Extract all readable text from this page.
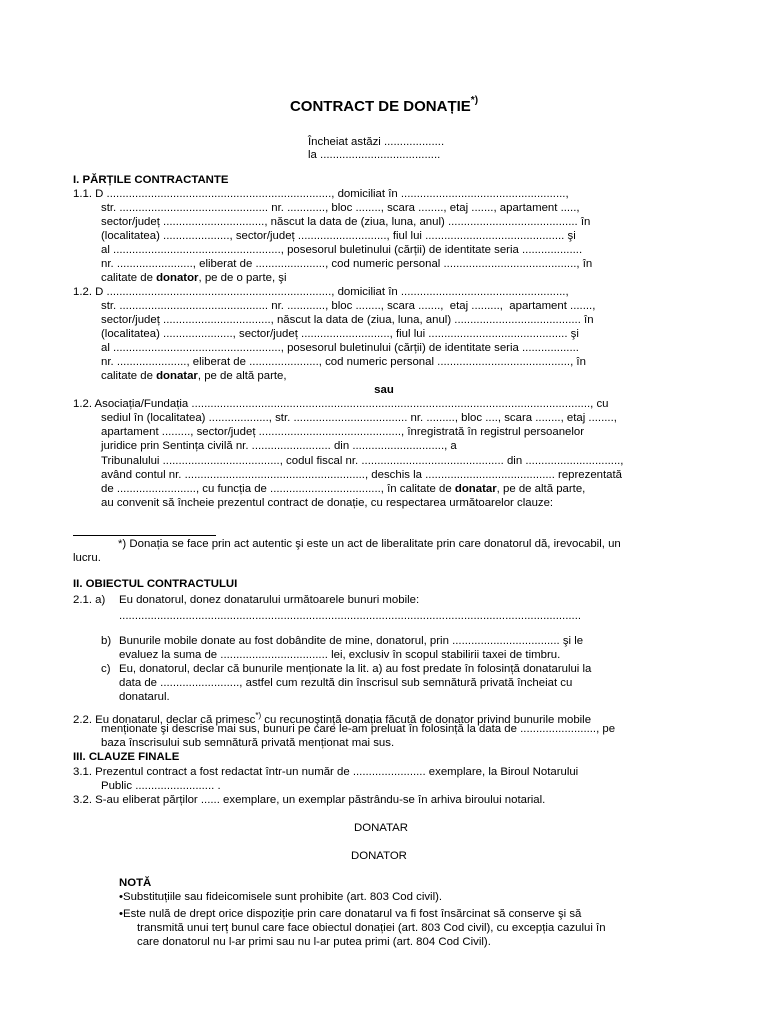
CONTRACT DE DONAȚIE*)
Încheiat astăzi ...................
la ......................................
I. PĂRȚILE CONTRACTANTE
1.1. D ......................................................................., domiciliat în ....................................................,
str. ............................................... nr. ............, bloc ........, scara ........, etaj ......., apartament .....,
sector/județ ................................, născut la data de (ziua, luna, anul) ......................................... în
(localitatea) ....................., sector/județ ............................, fiul lui ............................................ şi
al ....................................................., posesorul buletinului (cărții) de identitate seria ...................
nr. ........................, eliberat de ......................, cod numeric personal .........................................., în
calitate de donator, pe de o parte, şi
1.2. D ......................................................................., domiciliat în ....................................................,
str. ............................................... nr. ............, bloc ........, scara .......,  etaj .........,  apartament .......,
sector/județ .................................., născut la data de (ziua, luna, anul) ........................................ în
(localitatea) ......................, sector/județ ............................, fiul lui ............................................ şi
al ....................................................., posesorul buletinului (cărții) de identitate seria ..................
nr. ......................, eliberat de ......................, cod numeric personal .........................................., în
calitate de donatar, pe de altă parte,
sau
1.2. Asociația/Fundația .............................................................................................................................., cu
sediul în (localitatea) ..................., str. .................................... nr. ........., bloc ...., scara ........, etaj ........,
apartament ........., sector/județ ............................................., înregistrată în registrul persoanelor
juridice prin Sentința civilă nr. ......................... din ............................., a
Tribunalului ....................................., codul fiscal nr. ............................................. din ..............................,
având contul nr. ........................................................., deschis la ......................................... reprezentată
de ........................., cu funcția de ..................................., în calitate de donatar, pe de altă parte,
au convenit să încheie prezentul contract de donație, cu respectarea următoarelor clauze:
*) Donația se face prin act autentic şi este un act de liberalitate prin care donatorul dă, irevocabil, un
lucru.
II. OBIECTUL CONTRACTULUI
2.1. a) Eu donatorul, donez donatarului următoarele bunuri mobile:
..................................................................................................................................................
b) Bunurile mobile donate au fost dobândite de mine, donatorul, prin .................................. şi le
evaluez la suma de .................................. lei, exclusiv în scopul stabilirii taxei de timbru.
c) Eu, donatorul, declar că bunurile menționate la lit. a) au fost predate în folosință donatarului la
data de ........................., astfel cum rezultă din înscrisul sub semnătură privată încheiat cu
donatarul.
2.2. Eu donatarul, declar că primesc*) cu recunoştință donația făcută de donator privind bunurile mobile
menționate şi descrise mai sus, bunuri pe care le-am preluat în folosință la data de ........................, pe
baza înscrisului sub semnătură privată menționat mai sus.
III. CLAUZE FINALE
3.1. Prezentul contract a fost redactat într-un număr de ....................... exemplare, la Biroul Notarului
Public ......................... .
3.2. S-au eliberat părților ...... exemplare, un exemplar păstrându-se în arhiva biroului notarial.
DONATAR
DONATOR
NOTĂ
•Substituțiile sau fideicomisele sunt prohibite (art. 803 Cod civil).
•Este nulă de drept orice dispoziție prin care donatarul va fi fost însărcinat să conserve şi să
transmită unui terț bunul care face obiectul donației (art. 803 Cod civil), cu excepția cazului în
care donatorul nu l-ar primi sau nu l-ar putea primi (art. 804 Cod Civil).
